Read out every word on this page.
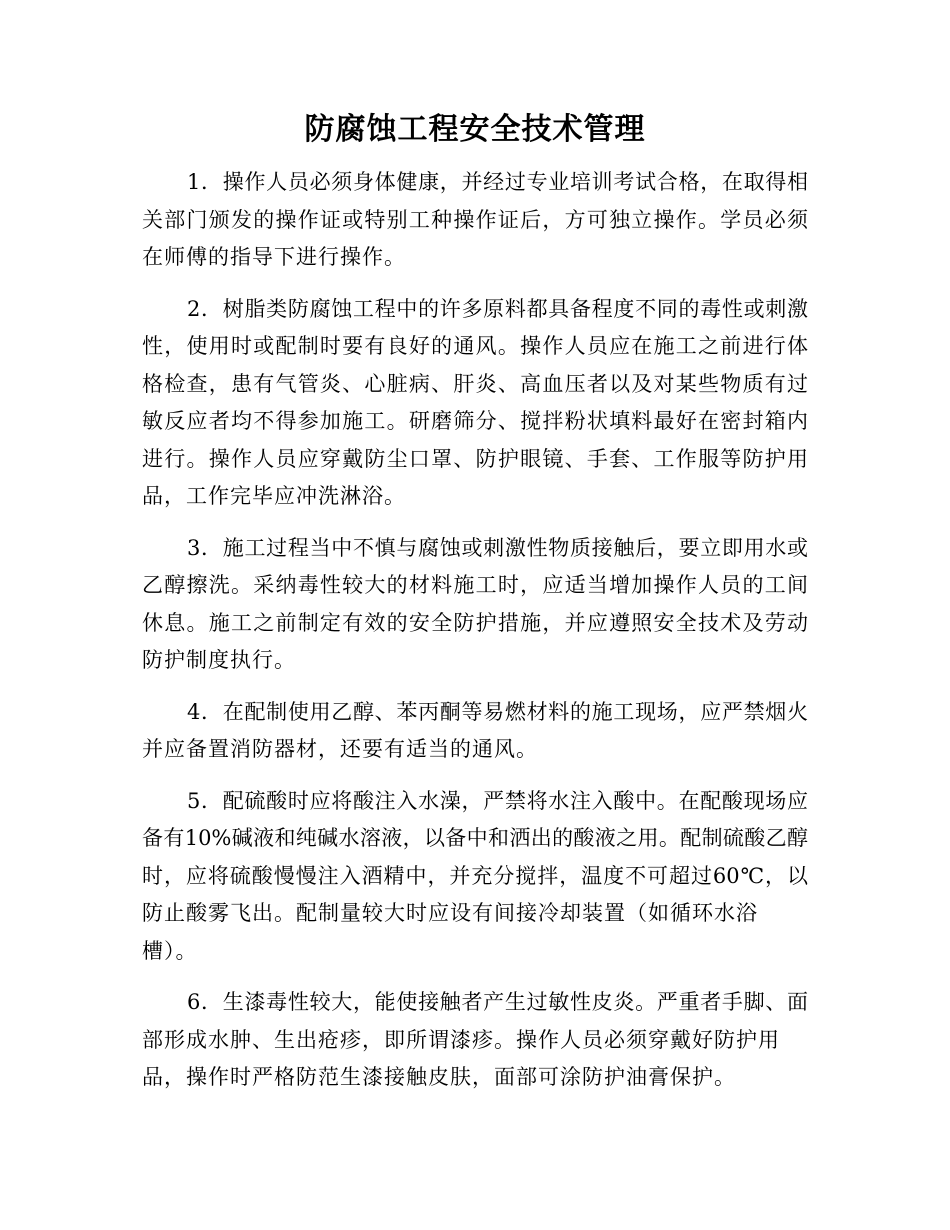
防腐蚀工程安全技术管理
1．操作人员必须身体健康，并经过专业培训考试合格，在取得相
关部门颁发的操作证或特别工种操作证后，方可独立操作。学员必须
在师傅的指导下进行操作。
2．树脂类防腐蚀工程中的许多原料都具备程度不同的毒性或刺激
性，使用时或配制时要有良好的通风。操作人员应在施工之前进行体
格检查，患有气管炎、心脏病、肝炎、高血压者以及对某些物质有过
敏反应者均不得参加施工。研磨筛分、搅拌粉状填料最好在密封箱内
进行。操作人员应穿戴防尘口罩、防护眼镜、手套、工作服等防护用
品，工作完毕应冲洗淋浴。
3．施工过程当中不慎与腐蚀或刺激性物质接触后，要立即用水或
乙醇擦洗。采纳毒性较大的材料施工时，应适当增加操作人员的工间
休息。施工之前制定有效的安全防护措施，并应遵照安全技术及劳动
防护制度执行。
4．在配制使用乙醇、苯丙酮等易燃材料的施工现场，应严禁烟火
并应备置消防器材，还要有适当的通风。
5．配硫酸时应将酸注入水澡，严禁将水注入酸中。在配酸现场应
备有10%碱液和纯碱水溶液，以备中和洒出的酸液之用。配制硫酸乙醇
时，应将硫酸慢慢注入酒精中，并充分搅拌，温度不可超过60℃，以
防止酸雾飞出。配制量较大时应设有间接冷却装置（如循环水浴
槽）。
6．生漆毒性较大，能使接触者产生过敏性皮炎。严重者手脚、面
部形成水肿、生出疮疹，即所谓漆疹。操作人员必须穿戴好防护用
品，操作时严格防范生漆接触皮肤，面部可涂防护油膏保护。
